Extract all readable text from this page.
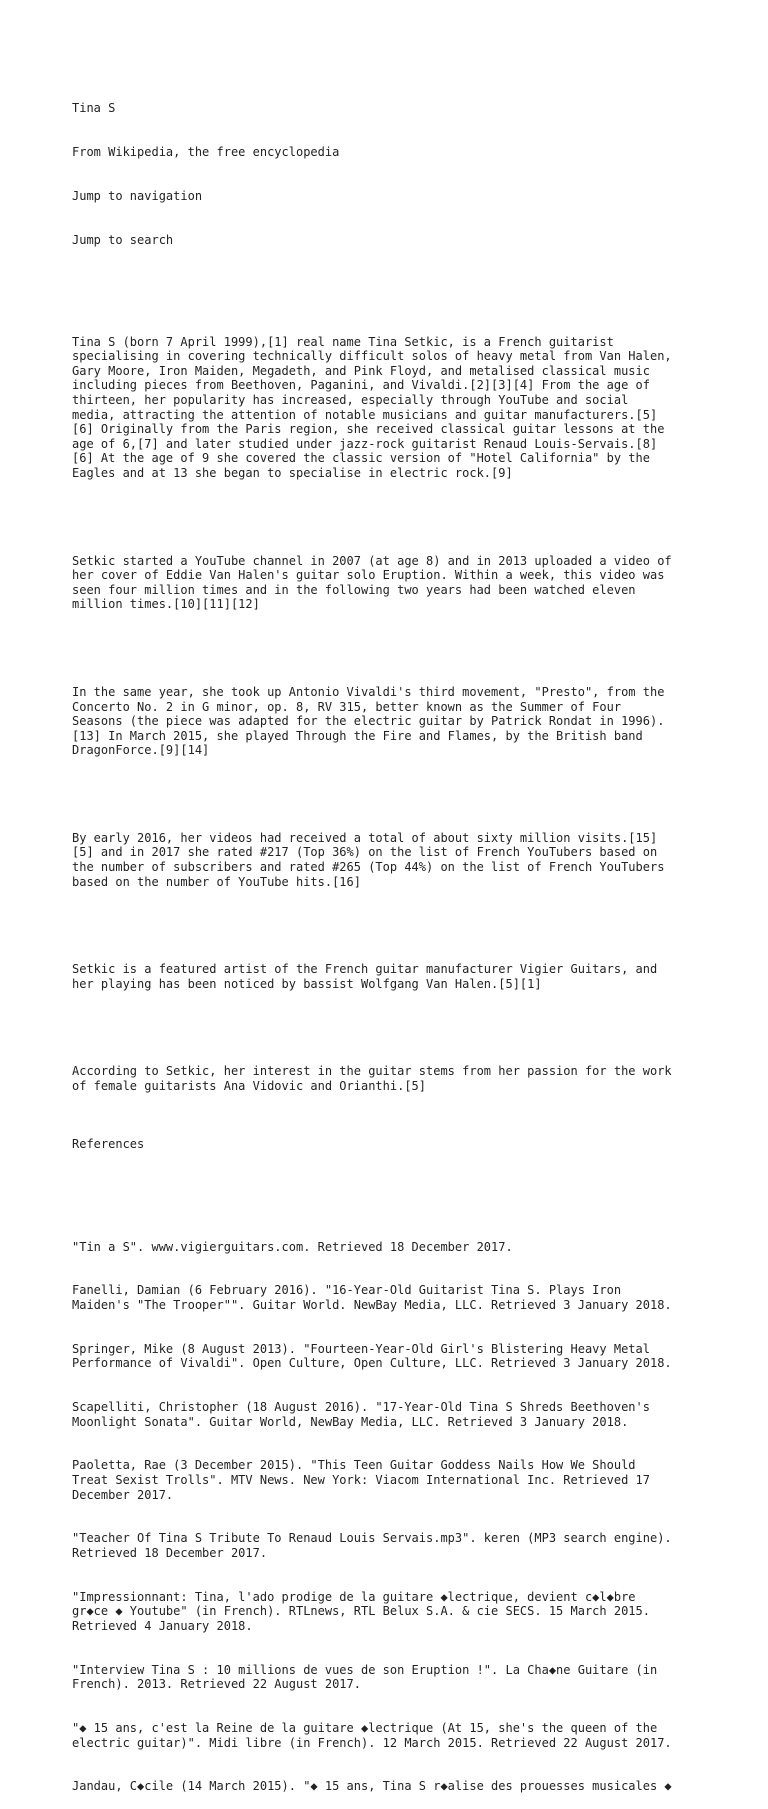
Tina S

From Wikipedia, the free encyclopedia

Jump to navigation

Jump to search

Tina S (born 7 April 1999),[1] real name Tina Setkic, is a French guitarist
specialising in covering technically difficult solos of heavy metal from Van Halen,
Gary Moore, Iron Maiden, Megadeth, and Pink Floyd, and metalised classical music
including pieces from Beethoven, Paganini, and Vivaldi.[2][3][4] From the age of
thirteen, her popularity has increased, especially through YouTube and social
media, attracting the attention of notable musicians and guitar manufacturers.[5]
[6] Originally from the Paris region, she received classical guitar lessons at the
age of 6,[7] and later studied under jazz-rock guitarist Renaud Louis-Servais.[8]
[6] At the age of 9 she covered the classic version of "Hotel California" by the
Eagles and at 13 she began to specialise in electric rock.[9]

Setkic started a YouTube channel in 2007 (at age 8) and in 2013 uploaded a video of
her cover of Eddie Van Halen's guitar solo Eruption. Within a week, this video was
seen four million times and in the following two years had been watched eleven
million times.[10][11][12]

In the same year, she took up Antonio Vivaldi's third movement, "Presto", from the
Concerto No. 2 in G minor, op. 8, RV 315, better known as the Summer of Four
Seasons (the piece was adapted for the electric guitar by Patrick Rondat in 1996).
[13] In March 2015, she played Through the Fire and Flames, by the British band
DragonForce.[9][14]

By early 2016, her videos had received a total of about sixty million visits.[15]
[5] and in 2017 she rated #217 (Top 36%) on the list of French YouTubers based on
the number of subscribers and rated #265 (Top 44%) on the list of French YouTubers
based on the number of YouTube hits.[16]

Setkic is a featured artist of the French guitar manufacturer Vigier Guitars, and
her playing has been noticed by bassist Wolfgang Van Halen.[5][1]

According to Setkic, her interest in the guitar stems from her passion for the work
of female guitarists Ana Vidovic and Orianthi.[5]

References

"Tin a S". www.vigierguitars.com. Retrieved 18 December 2017.

Fanelli, Damian (6 February 2016). "16-Year-Old Guitarist Tina S. Plays Iron
Maiden's "The Trooper"". Guitar World. NewBay Media, LLC. Retrieved 3 January 2018.

Springer, Mike (8 August 2013). "Fourteen-Year-Old Girl's Blistering Heavy Metal
Performance of Vivaldi". Open Culture, Open Culture, LLC. Retrieved 3 January 2018.

Scapelliti, Christopher (18 August 2016). "17-Year-Old Tina S Shreds Beethoven's
Moonlight Sonata". Guitar World, NewBay Media, LLC. Retrieved 3 January 2018.

Paoletta, Rae (3 December 2015). "This Teen Guitar Goddess Nails How We Should
Treat Sexist Trolls". MTV News. New York: Viacom International Inc. Retrieved 17
December 2017.

"Teacher Of Tina S Tribute To Renaud Louis Servais.mp3". keren (MP3 search engine).
Retrieved 18 December 2017.

"Impressionnant: Tina, l'ado prodige de la guitare ◆lectrique, devient c◆l◆bre
gr◆ce ◆ Youtube" (in French). RTLnews, RTL Belux S.A. & cie SECS. 15 March 2015.
Retrieved 4 January 2018.

"Interview Tina S : 10 millions de vues de son Eruption !". La Cha◆ne Guitare (in
French). 2013. Retrieved 22 August 2017.

"◆ 15 ans, c'est la Reine de la guitare ◆lectrique (At 15, she's the queen of the
electric guitar)". Midi libre (in French). 12 March 2015. Retrieved 22 August 2017.

Jandau, C◆cile (14 March 2015). "◆ 15 ans, Tina S r◆alise des prouesses musicales ◆
